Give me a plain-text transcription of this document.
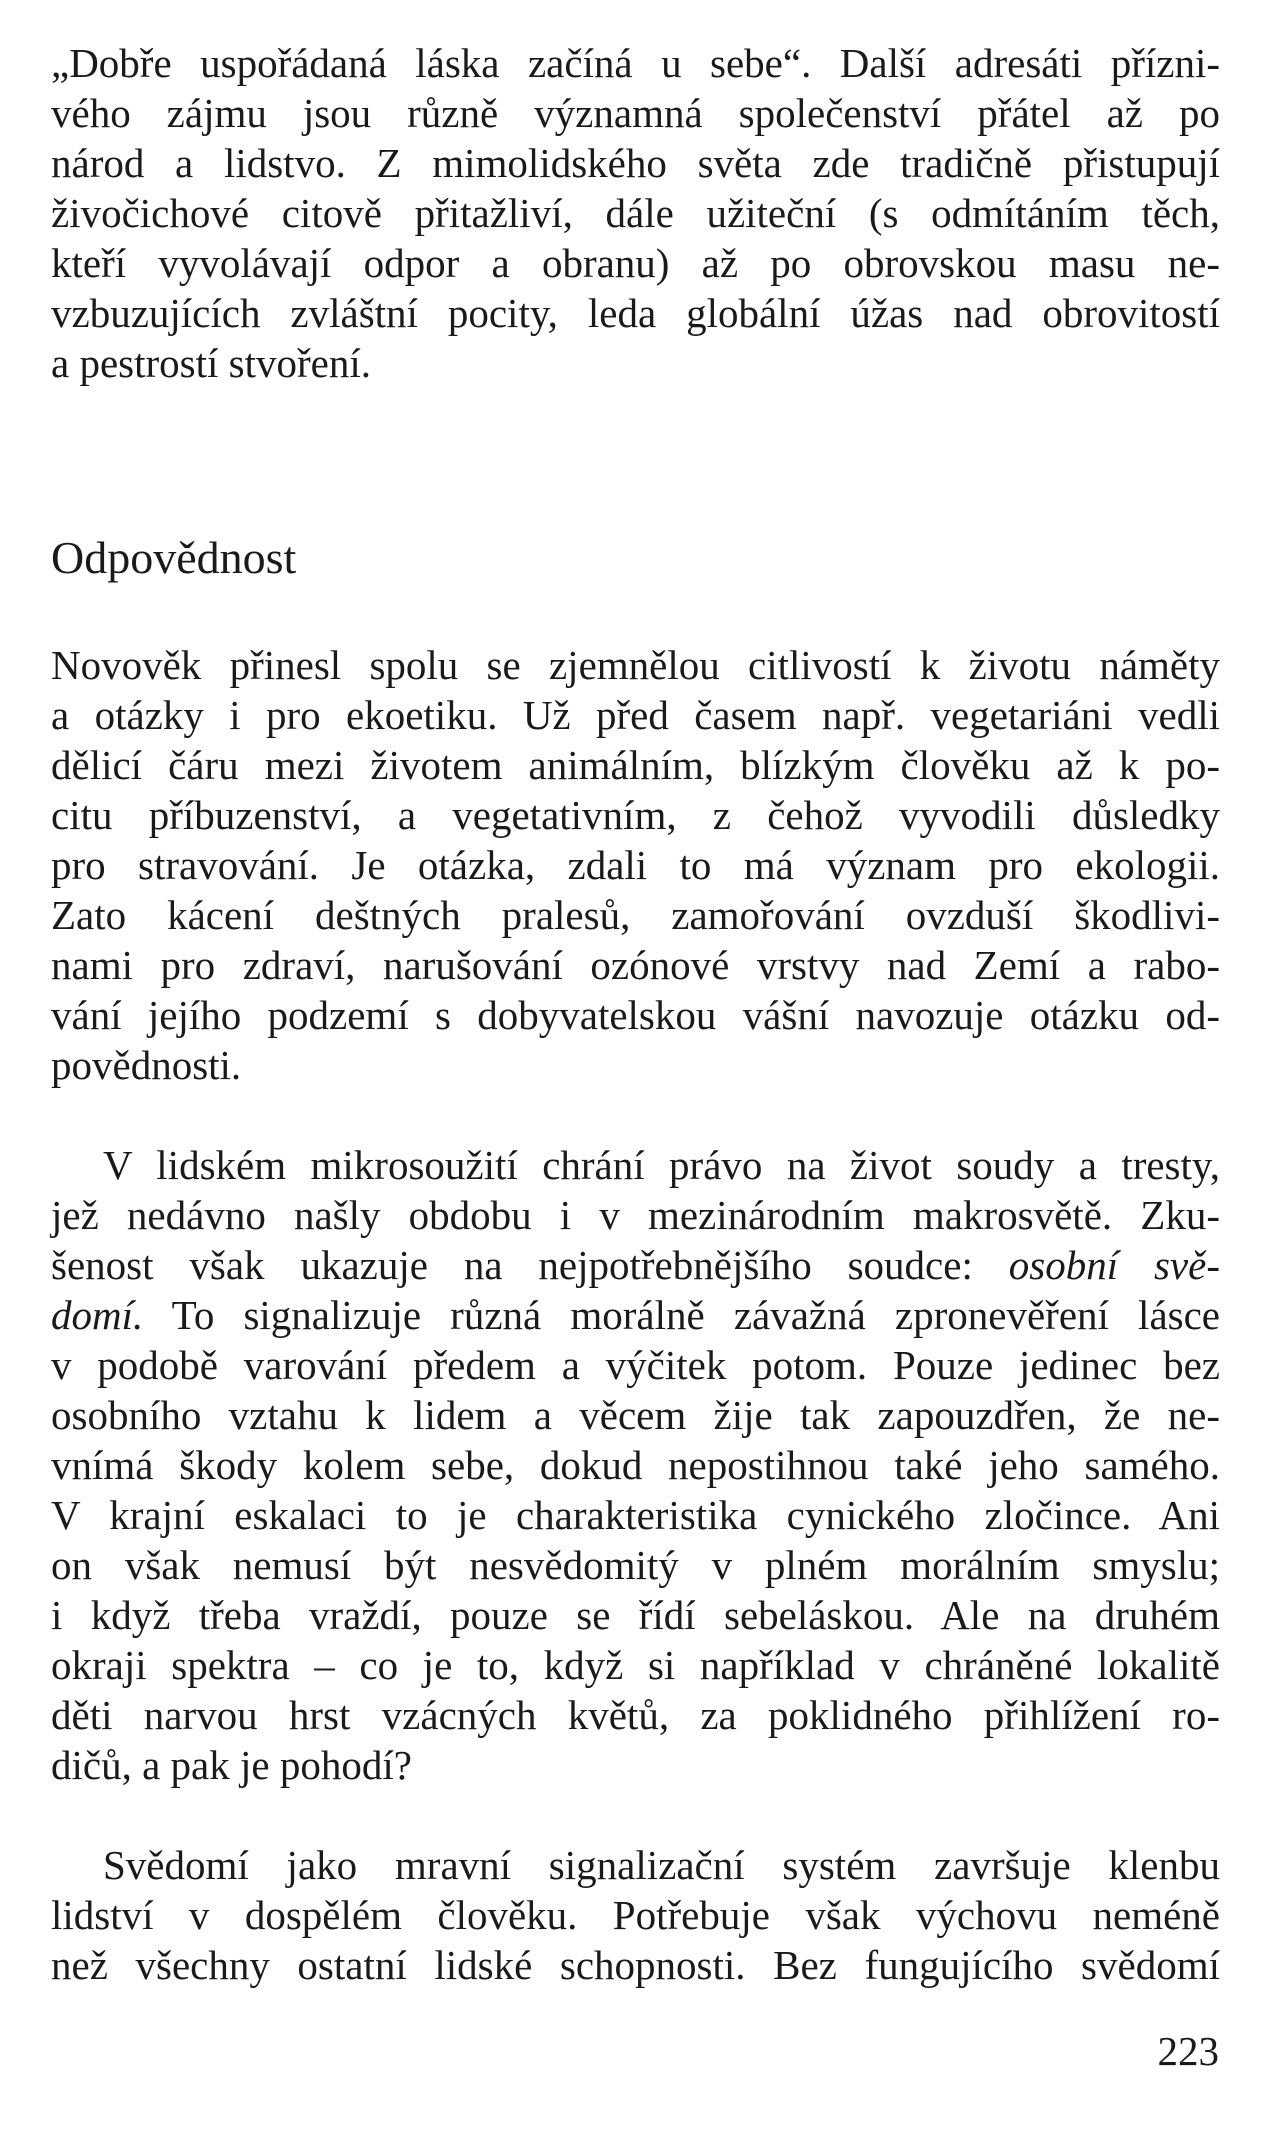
„Dobře uspořádaná láska začíná u sebe“. Další adresáti přízni-
vého zájmu jsou různě významná společenství přátel až po
národ a lidstvo. Z mimolidského světa zde tradičně přistupují
živočichové citově přitažliví, dále užiteční (s odmítáním těch,
kteří vyvolávají odpor a obranu) až po obrovskou masu ne-
vzbuzujících zvláštní pocity, leda globální úžas nad obrovitostí
a pestrostí stvoření.
Odpovědnost
Novověk přinesl spolu se zjemnělou citlivostí k životu náměty
a otázky i pro ekoetiku. Už před časem např. vegetariáni vedli
dělicí čáru mezi životem animálním, blízkým člověku až k po-
citu příbuzenství, a vegetativním, z čehož vyvodili důsledky
pro stravování. Je otázka, zdali to má význam pro ekologii.
Zato kácení deštných pralesů, zamořování ovzduší škodlivi-
nami pro zdraví, narušování ozónové vrstvy nad Zemí a rabo-
vání jejího podzemí s dobyvatelskou vášní navozuje otázku od-
povědnosti.
V lidském mikrosoužití chrání právo na život soudy a tresty,
jež nedávno našly obdobu i v mezinárodním makrosvětě. Zku-
šenost však ukazuje na nejpotřebnějšího soudce: osobní svě-
domí. To signalizuje různá morálně závažná zpronevěření lásce
v podobě varování předem a výčitek potom. Pouze jedinec bez
osobního vztahu k lidem a věcem žije tak zapouzdřen, že ne-
vnímá škody kolem sebe, dokud nepostihnou také jeho samého.
V krajní eskalaci to je charakteristika cynického zločince. Ani
on však nemusí být nesvědomitý v plném morálním smyslu;
i když třeba vraždí, pouze se řídí sebeláskou. Ale na druhém
okraji spektra – co je to, když si například v chráněné lokalitě
děti narvou hrst vzácných květů, za poklidného přihlížení ro-
dičů, a pak je pohodí?
Svědomí jako mravní signalizační systém završuje klenbu
lidství v dospělém člověku. Potřebuje však výchovu neméně
než všechny ostatní lidské schopnosti. Bez fungujícího svědomí
223
